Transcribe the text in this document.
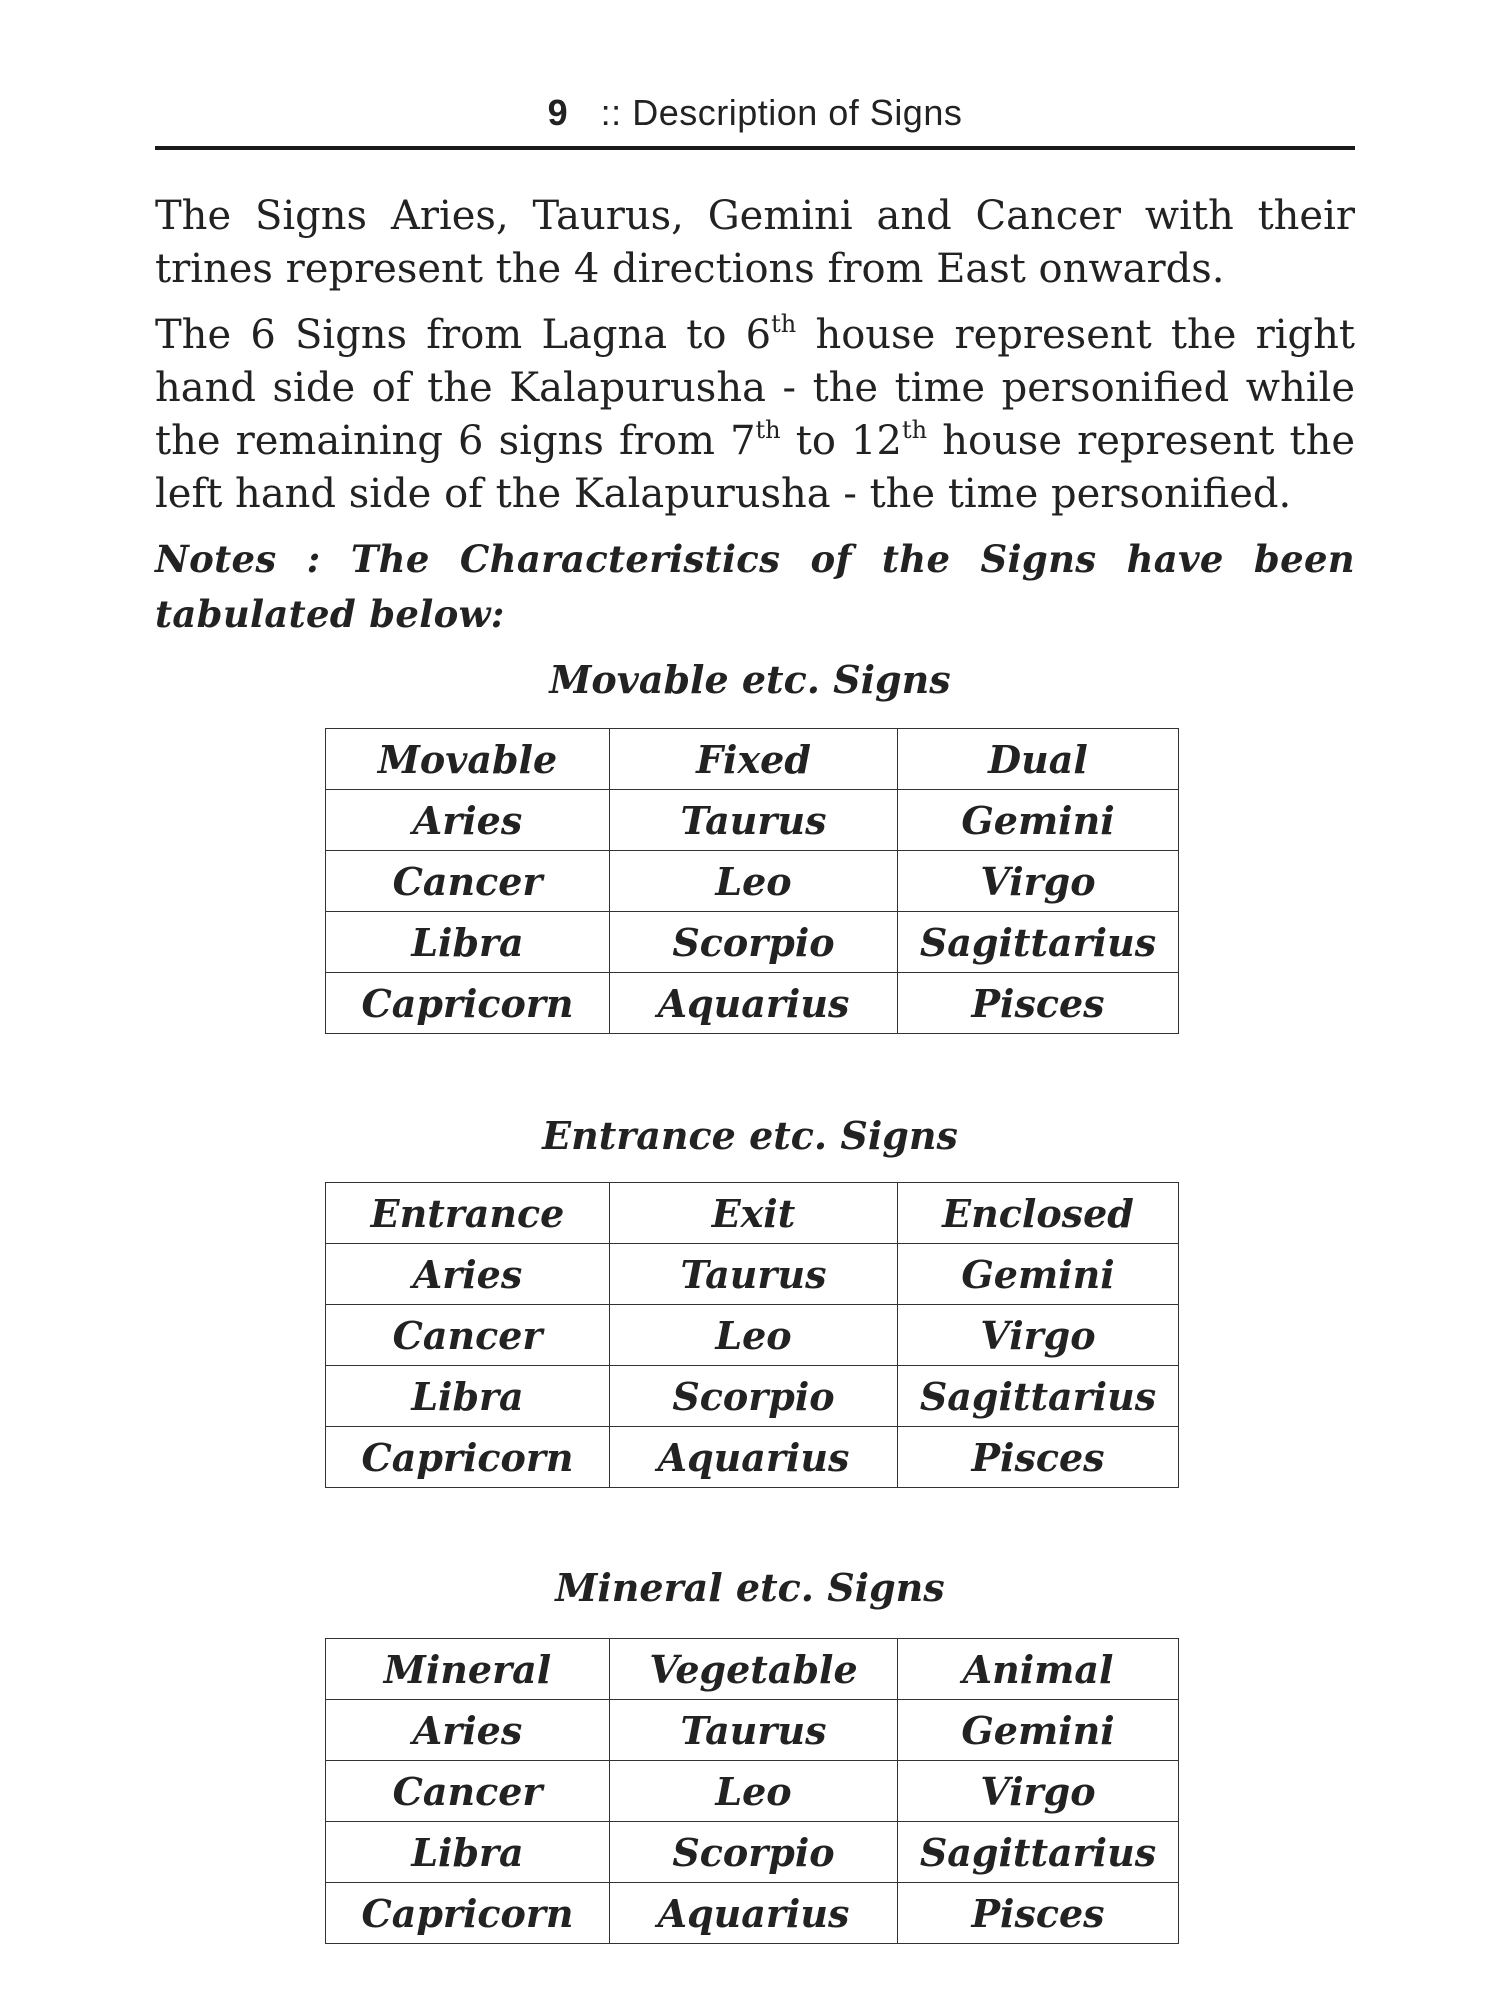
9 :: Description of Signs

The Signs Aries, Taurus, Gemini and Cancer with their trines represent the 4 directions from East onwards.

The 6 Signs from Lagna to 6th house represent the right hand side of the Kalapurusha - the time personified while the remaining 6 signs from 7th to 12th house represent the left hand side of the Kalapurusha - the time personified.

Notes : The Characteristics of the Signs have been tabulated below:
Movable etc. Signs
Movable	Fixed	Dual
Aries	Taurus	Gemini
Cancer	Leo	Virgo
Libra	Scorpio	Sagittarius
Capricorn	Aquarius	Pisces
Entrance etc. Signs
Entrance	Exit	Enclosed
Aries	Taurus	Gemini
Cancer	Leo	Virgo
Libra	Scorpio	Sagittarius
Capricorn	Aquarius	Pisces
Mineral etc. Signs
Mineral	Vegetable	Animal
Aries	Taurus	Gemini
Cancer	Leo	Virgo
Libra	Scorpio	Sagittarius
Capricorn	Aquarius	Pisces
